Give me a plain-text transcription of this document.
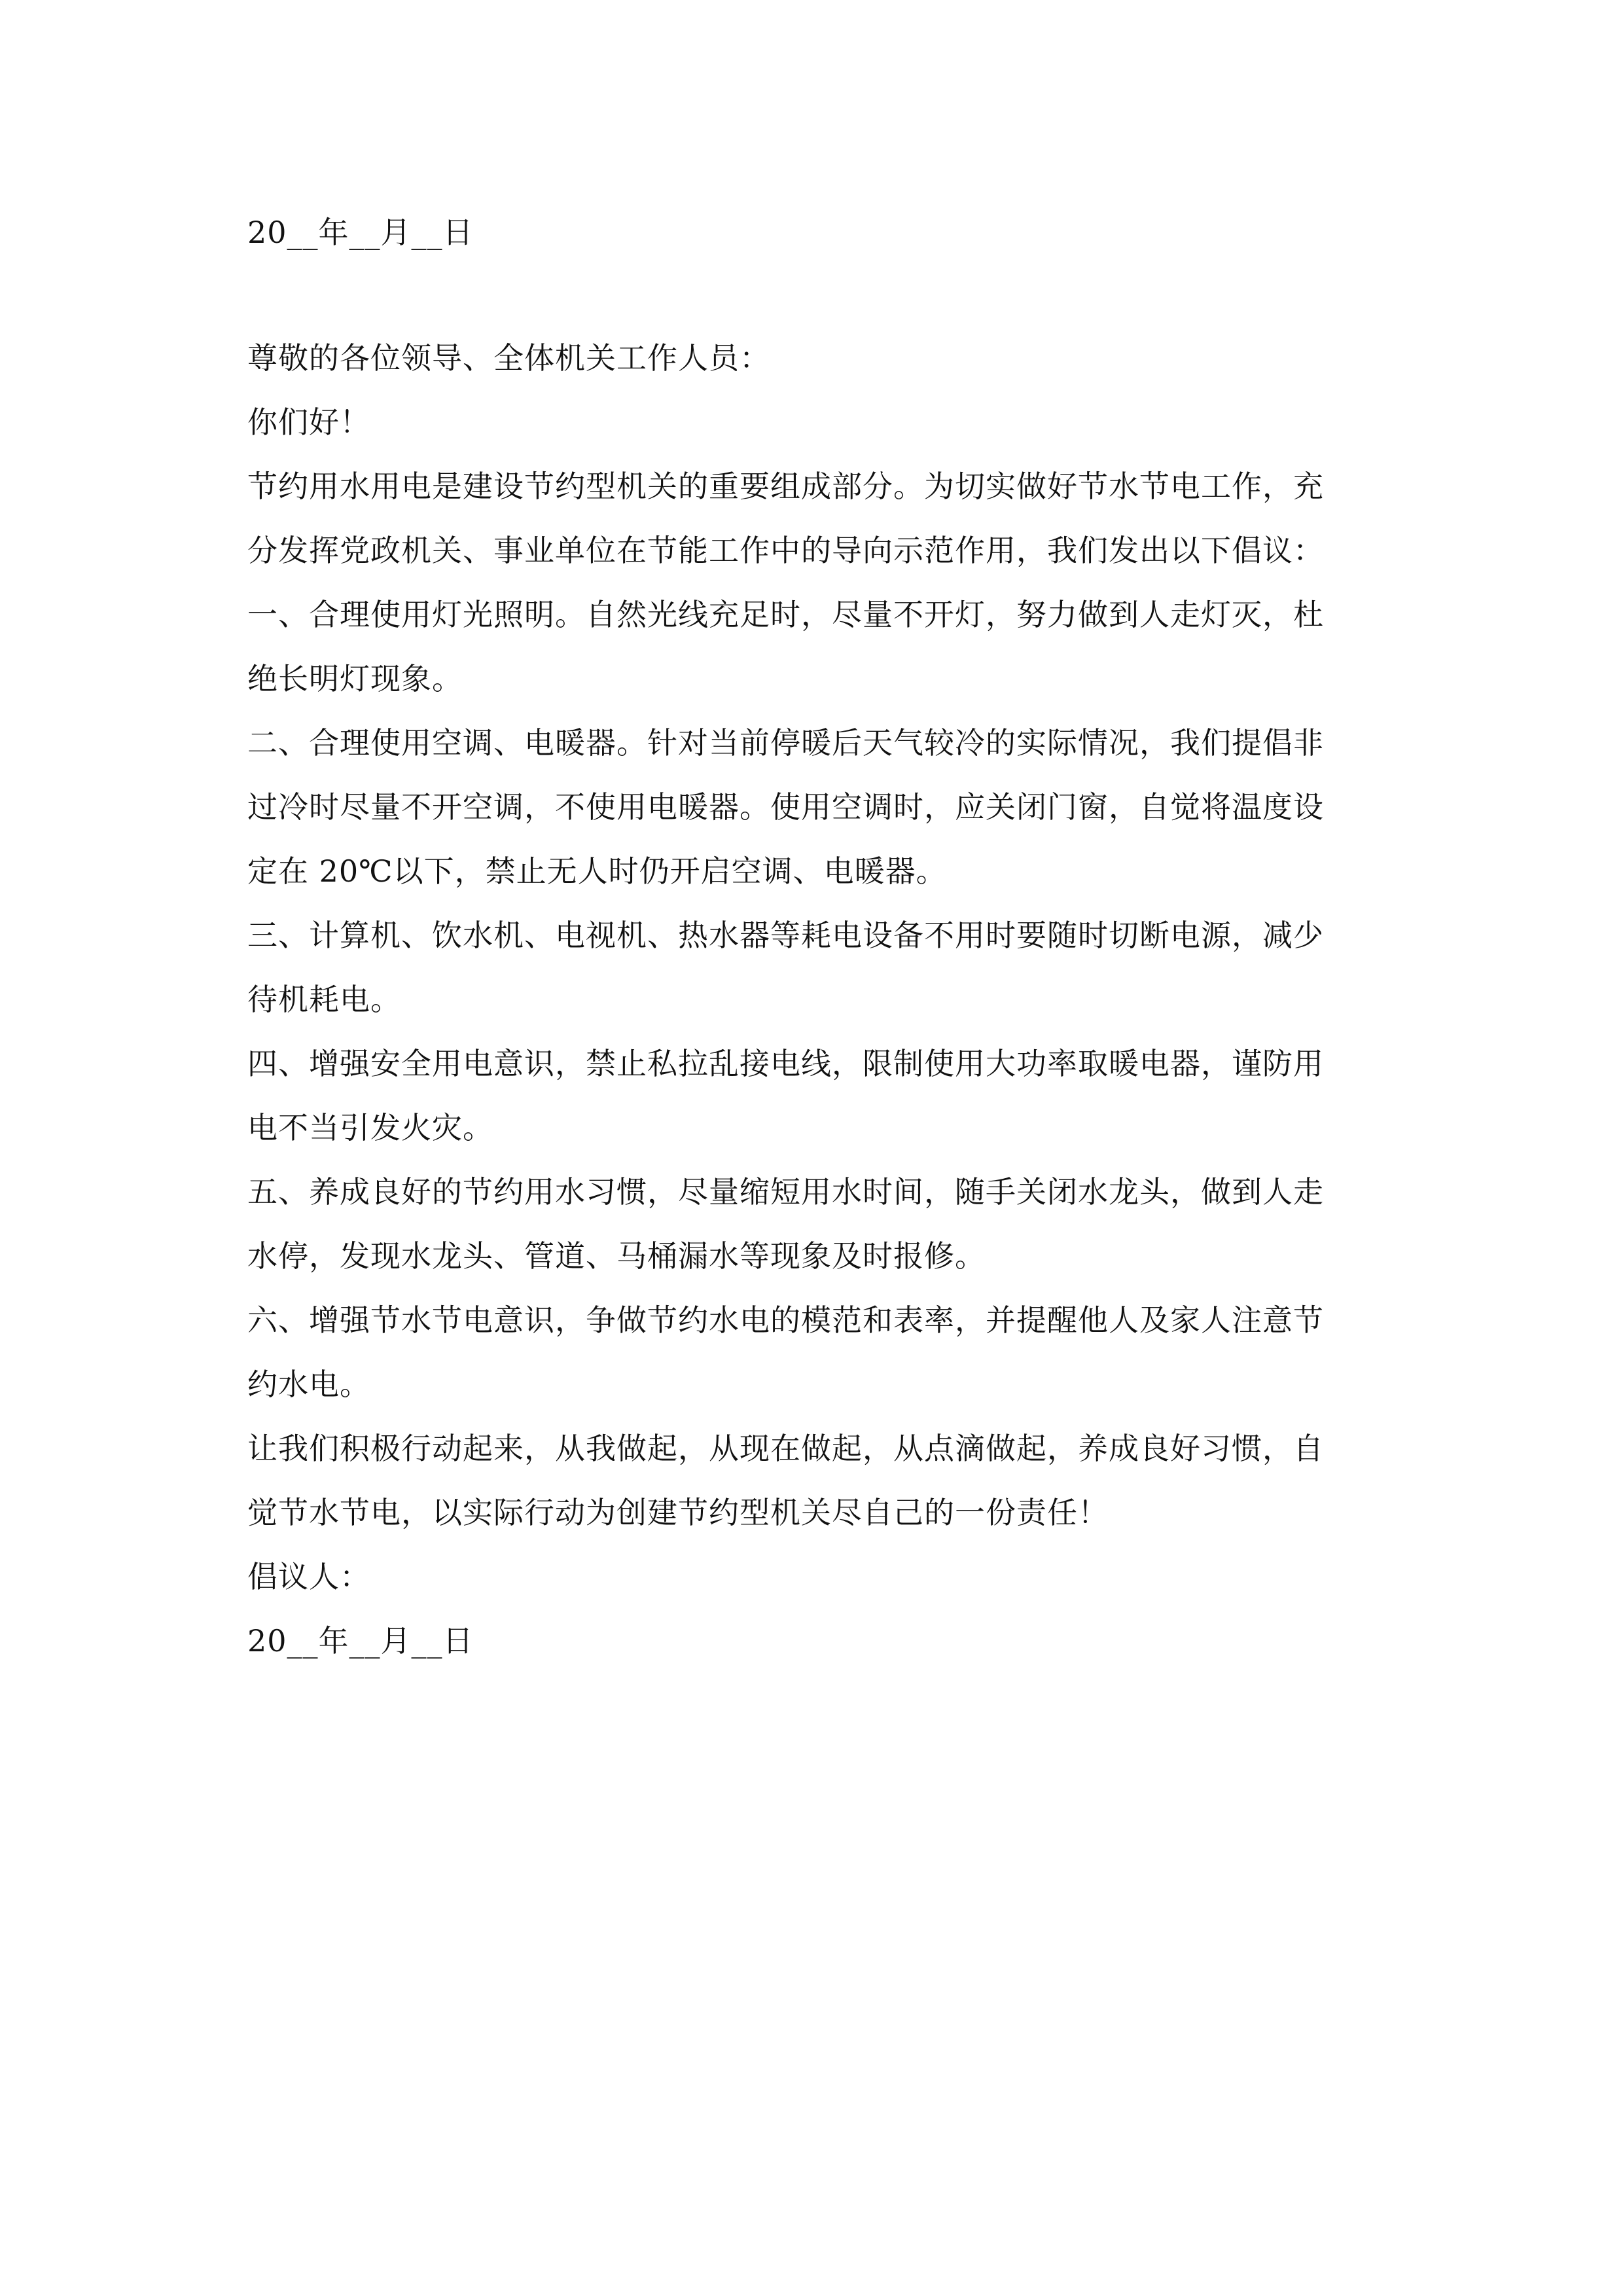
20__年__月__日
尊敬的各位领导、全体机关工作人员：
你们好！
节约用水用电是建设节约型机关的重要组成部分。为切实做好节水节电工作，充
分发挥党政机关、事业单位在节能工作中的导向示范作用，我们发出以下倡议：
一、合理使用灯光照明。自然光线充足时，尽量不开灯，努力做到人走灯灭，杜
绝长明灯现象。
二、合理使用空调、电暖器。针对当前停暖后天气较冷的实际情况，我们提倡非
过冷时尽量不开空调，不使用电暖器。使用空调时，应关闭门窗，自觉将温度设
定在 20℃以下，禁止无人时仍开启空调、电暖器。
三、计算机、饮水机、电视机、热水器等耗电设备不用时要随时切断电源，减少
待机耗电。
四、增强安全用电意识，禁止私拉乱接电线，限制使用大功率取暖电器，谨防用
电不当引发火灾。
五、养成良好的节约用水习惯，尽量缩短用水时间，随手关闭水龙头，做到人走
水停，发现水龙头、管道、马桶漏水等现象及时报修。
六、增强节水节电意识，争做节约水电的模范和表率，并提醒他人及家人注意节
约水电。
让我们积极行动起来，从我做起，从现在做起，从点滴做起，养成良好习惯，自
觉节水节电，以实际行动为创建节约型机关尽自己的一份责任！
倡议人：
20__年__月__日
